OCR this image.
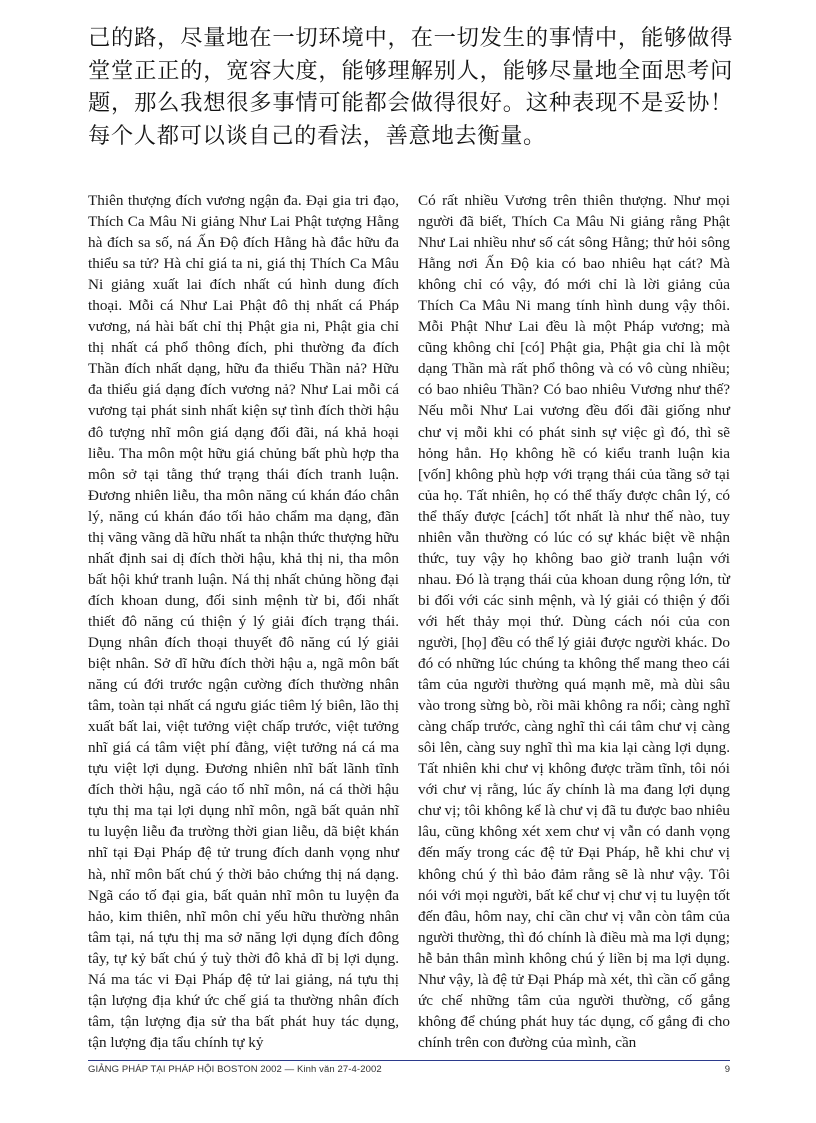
己的路，尽量地在一切环境中，在一切发生的事情中，能够做得堂堂正正的，宽容大度，能够理解别人，能够尽量地全面思考问题，那么我想很多事情可能都会做得很好。这种表现不是妥协！每个人都可以谈自己的看法，善意地去衡量。

Thiên thượng đích vương ngận đa. Đại gia tri đạo, Thích Ca Mâu Ni giảng Như Lai Phật tượng Hằng hà đích sa số, ná Ấn Độ đích Hằng hà đắc hữu đa thiểu sa tử? Hà chỉ giá ta ni, giá thị Thích Ca Mâu Ni giảng xuất lai đích nhất cú hình dung đích thoại. Mỗi cá Như Lai Phật đô thị nhất cá Pháp vương, ná hài bất chỉ thị Phật gia ni, Phật gia chỉ thị nhất cá phổ thông đích, phi thường đa đích Thần đích nhất dạng, hữu đa thiểu Thần nả? Hữu đa thiểu giá dạng đích vương nả? Như Lai mỗi cá vương tại phát sinh nhất kiện sự tình đích thời hậu đô tượng nhĩ môn giá dạng đối đãi, ná khả hoại liễu. Tha môn một hữu giá chủng bất phù hợp tha môn sở tại tằng thứ trạng thái đích tranh luận. Đương nhiên liễu, tha môn năng cú khán đáo chân lý, năng cú khán đáo tối hảo chẩm ma dạng, đãn thị vãng vãng dã hữu nhất ta nhận thức thượng hữu nhất định sai dị đích thời hậu, khả thị ni, tha môn bất hội khứ tranh luận. Ná thị nhất chủng hồng đại đích khoan dung, đối sinh mệnh từ bi, đối nhất thiết đô năng cú thiện ý lý giải đích trạng thái. Dụng nhân đích thoại thuyết đô năng cú lý giải biệt nhân. Sở dĩ hữu đích thời hậu a, ngã môn bất năng cú đới trước ngận cường đích thường nhân tâm, toàn tại nhất cá ngưu giác tiêm lý biên, lão thị xuất bất lai, việt tưởng việt chấp trước, việt tưởng nhĩ giá cá tâm việt phí đằng, việt tưởng ná cá ma tựu việt lợi dụng. Đương nhiên nhĩ bất lãnh tĩnh đích thời hậu, ngã cáo tố nhĩ môn, ná cá thời hậu tựu thị ma tại lợi dụng nhĩ môn, ngã bất quản nhĩ tu luyện liễu đa trường thời gian liễu, dã biệt khán nhĩ tại Đại Pháp đệ tử trung đích danh vọng như hà, nhĩ môn bất chú ý thời bảo chứng thị ná dạng. Ngã cáo tố đại gia, bất quản nhĩ môn tu luyện đa hảo, kim thiên, nhĩ môn chỉ yếu hữu thường nhân tâm tại, ná tựu thị ma sở năng lợi dụng đích đông tây, tự kỷ bất chú ý tuỳ thời đô khả dĩ bị lợi dụng. Ná ma tác vi Đại Pháp đệ tử lai giảng, ná tựu thị tận lượng địa khứ ức chế giá ta thường nhân đích tâm, tận lượng địa sử tha bất phát huy tác dụng, tận lượng địa tẩu chính tự kỷ

Có rất nhiều Vương trên thiên thượng. Như mọi người đã biết, Thích Ca Mâu Ni giảng rằng Phật Như Lai nhiều như số cát sông Hằng; thử hỏi sông Hằng nơi Ấn Độ kia có bao nhiêu hạt cát? Mà không chỉ có vậy, đó mới chỉ là lời giảng của Thích Ca Mâu Ni mang tính hình dung vậy thôi. Mỗi Phật Như Lai đều là một Pháp vương; mà cũng không chỉ [có] Phật gia, Phật gia chỉ là một dạng Thần mà rất phổ thông và có vô cùng nhiều; có bao nhiêu Thần? Có bao nhiêu Vương như thế? Nếu mỗi Như Lai vương đều đối đãi giống như chư vị mỗi khi có phát sinh sự việc gì đó, thì sẽ hỏng hẳn. Họ không hề có kiểu tranh luận kia [vốn] không phù hợp với trạng thái của tầng sở tại của họ. Tất nhiên, họ có thể thấy được chân lý, có thể thấy được [cách] tốt nhất là như thế nào, tuy nhiên vẫn thường có lúc có sự khác biệt về nhận thức, tuy vậy họ không bao giờ tranh luận với nhau. Đó là trạng thái của khoan dung rộng lớn, từ bi đối với các sinh mệnh, và lý giải có thiện ý đối với hết thảy mọi thứ. Dùng cách nói của con người, [họ] đều có thể lý giải được người khác. Do đó có những lúc chúng ta không thể mang theo cái tâm của người thường quá mạnh mẽ, mà dùi sâu vào trong sừng bò, rồi mãi không ra nổi; càng nghĩ càng chấp trước, càng nghĩ thì cái tâm chư vị càng sôi lên, càng suy nghĩ thì ma kia lại càng lợi dụng. Tất nhiên khi chư vị không được trầm tĩnh, tôi nói với chư vị rằng, lúc ấy chính là ma đang lợi dụng chư vị; tôi không kể là chư vị đã tu được bao nhiêu lâu, cũng không xét xem chư vị vẫn có danh vọng đến mấy trong các đệ tử Đại Pháp, hễ khi chư vị không chú ý thì bảo đảm rằng sẽ là như vậy. Tôi nói với mọi người, bất kể chư vị chư vị tu luyện tốt đến đâu, hôm nay, chỉ cần chư vị vẫn còn tâm của người thường, thì đó chính là điều mà ma lợi dụng; hễ bản thân mình không chú ý liền bị ma lợi dụng. Như vậy, là đệ tử Đại Pháp mà xét, thì cần cố gắng ức chế những tâm của người thường, cố gắng không để chúng phát huy tác dụng, cố gắng đi cho chính trên con đường của mình, cần

GIẢNG PHÁP TẠI PHÁP HỘI BOSTON 2002 — Kinh văn 27-4-2002	9
